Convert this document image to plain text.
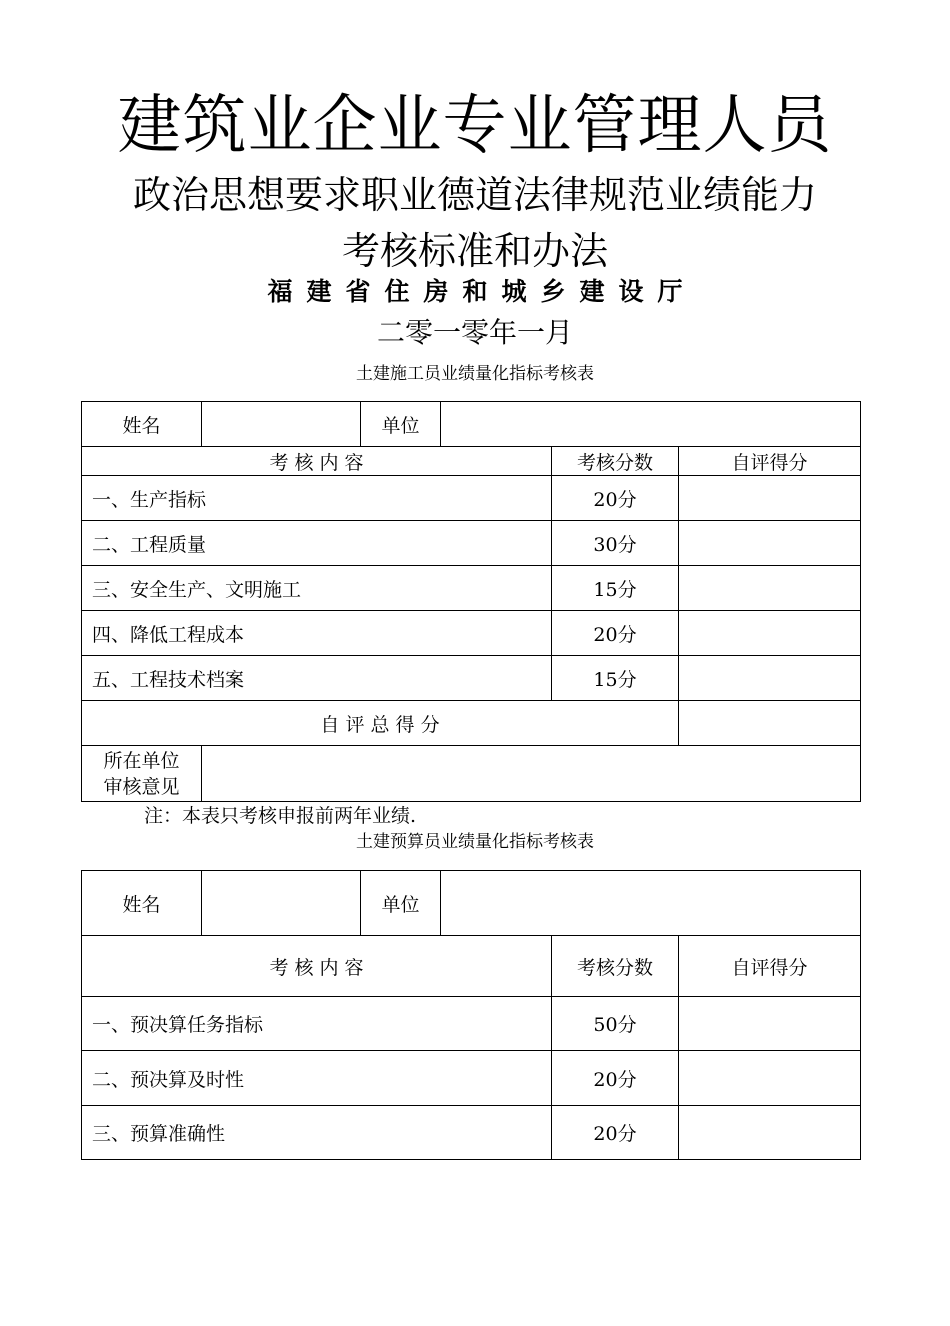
建筑业企业专业管理人员
政治思想要求职业德道法律规范业绩能力
考核标准和办法
福建省住房和城乡建设厅
二零一零年一月
土建施工员业绩量化指标考核表
姓名		单位			
考 核 内 容				考核分数	自评得分
一、生产指标				20分	
二、工程质量				30分	
三、安全生产、文明施工				15分	
四、降低工程成本				20分	
五、工程技术档案				15分	
自 评 总 得 分					

所在单位
审核意见					

注：本表只考核申报前两年业绩.
土建预算员业绩量化指标考核表
姓名		单位			
考 核 内 容				考核分数	自评得分
一、预决算任务指标				50分	
二、预决算及时性				20分	
三、预算准确性				20分	
